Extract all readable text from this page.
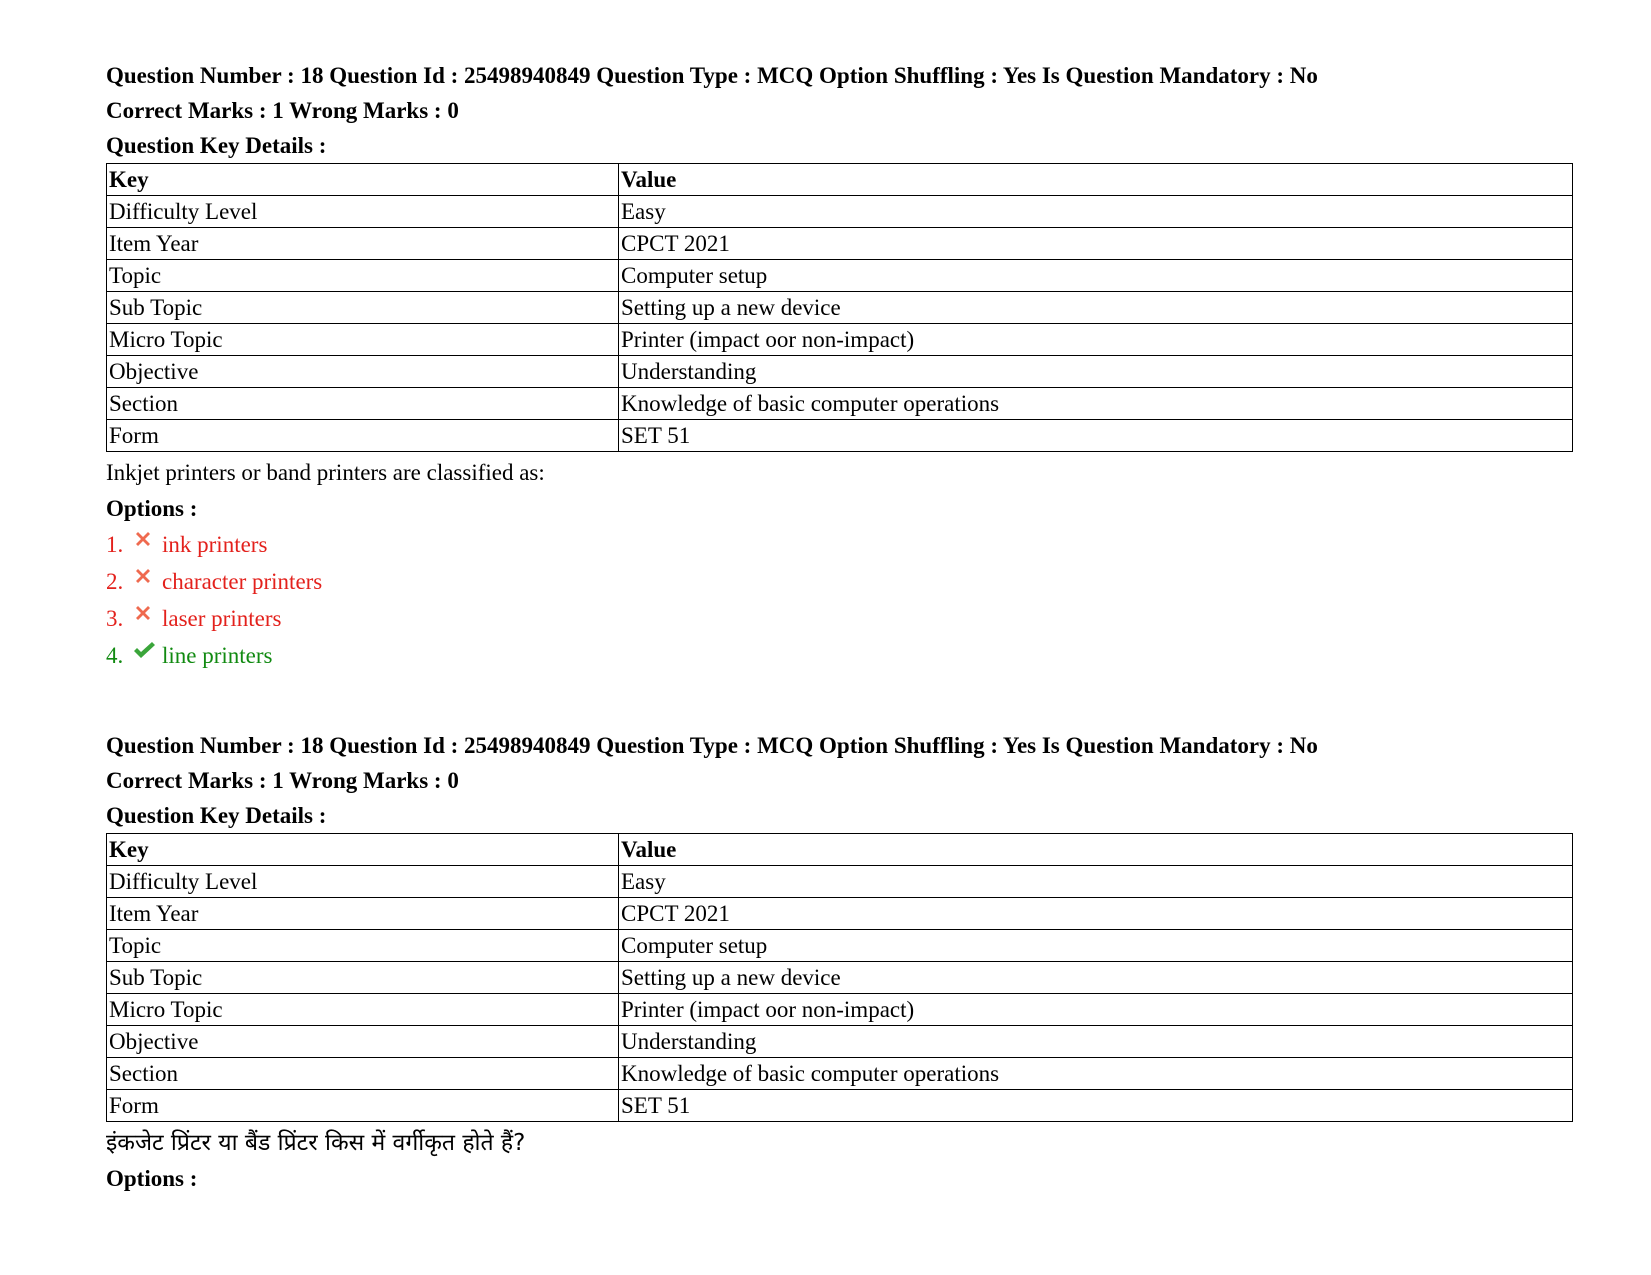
Question Number : 18 Question Id : 25498940849 Question Type : MCQ Option Shuffling : Yes Is Question Mandatory : No
Correct Marks : 1 Wrong Marks : 0
Question Key Details :
Key	Value
Difficulty Level	Easy
Item Year	CPCT 2021
Topic	Computer setup
Sub Topic	Setting up a new device
Micro Topic	Printer (impact oor non-impact)
Objective	Understanding
Section	Knowledge of basic computer operations
Form	SET 51
Inkjet printers or band printers are classified as:
Options :
1.	ink printers
2.	character printers
3.	laser printers
4.	line printers
Question Number : 18 Question Id : 25498940849 Question Type : MCQ Option Shuffling : Yes Is Question Mandatory : No
Correct Marks : 1 Wrong Marks : 0
Question Key Details :
Key	Value
Difficulty Level	Easy
Item Year	CPCT 2021
Topic	Computer setup
Sub Topic	Setting up a new device
Micro Topic	Printer (impact oor non-impact)
Objective	Understanding
Section	Knowledge of basic computer operations
Form	SET 51
इंकजेट प्रिंटर या बैंड प्रिंटर किस में वर्गीकृत होते हैं?
Options :
